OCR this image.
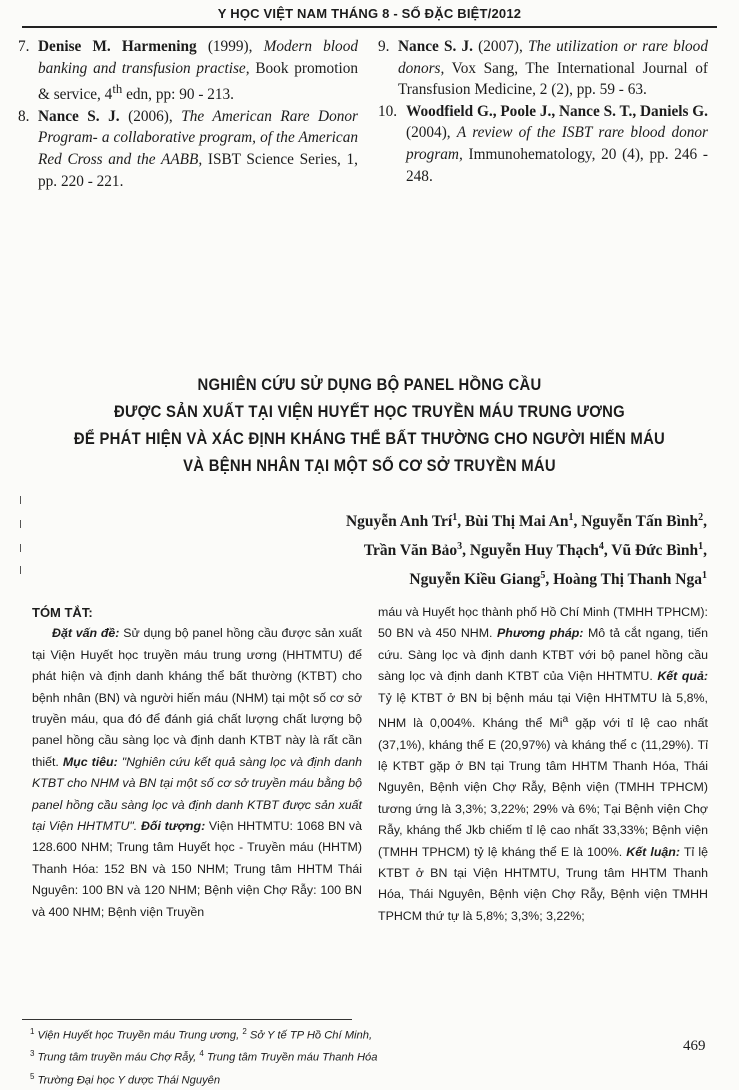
Y HỌC VIỆT NAM THÁNG 8 - SỐ ĐẶC BIỆT/2012
7. Denise M. Harmening (1999), Modern blood banking and transfusion practise, Book promotion & service, 4th edn, pp: 90 - 213.
8. Nance S. J. (2006), The American Rare Donor Program- a collaborative program, of the American Red Cross and the AABB, ISBT Science Series, 1, pp. 220 - 221.
9. Nance S. J. (2007), The utilization or rare blood donors, Vox Sang, The International Journal of Transfusion Medicine, 2 (2), pp. 59 - 63.
10. Woodfield G., Poole J., Nance S. T., Daniels G. (2004), A review of the ISBT rare blood donor program, Immunohematology, 20 (4), pp. 246 - 248.
NGHIÊN CỨU SỬ DỤNG BỘ PANEL HỒNG CẦU
ĐƯỢC SẢN XUẤT TẠI VIỆN HUYẾT HỌC TRUYỀN MÁU TRUNG ƯƠNG
ĐỂ PHÁT HIỆN VÀ XÁC ĐỊNH KHÁNG THỂ BẤT THƯỜNG CHO NGƯỜI HIẾN MÁU
VÀ BỆNH NHÂN TẠI MỘT SỐ CƠ SỞ TRUYỀN MÁU
Nguyễn Anh Trí$^1$, Bùi Thị Mai An$^1$, Nguyễn Tấn Bình$^2$,
Trần Văn Bảo$^3$, Nguyễn Huy Thạch$^4$, Vũ Đức Bình$^1$,
Nguyễn Kiều Giang$^5$, Hoàng Thị Thanh Nga$^1$
TÓM TẮT:
Đặt vấn đề: Sử dụng bộ panel hồng cầu được sản xuất tại Viện Huyết học truyền máu trung ương (HHTMTU) để phát hiện và định danh kháng thể bất thường (KTBT) cho bệnh nhân (BN) và người hiến máu (NHM) tại một số cơ sở truyền máu, qua đó để đánh giá chất lượng chất lượng bộ panel hồng cầu sàng lọc và định danh KTBT này là rất cần thiết. Mục tiêu: "Nghiên cứu kết quả sàng lọc và định danh KTBT cho NHM và BN tại một số cơ sở truyền máu bằng bộ panel hồng cầu sàng lọc và định danh KTBT được sản xuất tại Viện HHTMTU". Đối tượng: Viện HHTMTU: 1068 BN và 128.600 NHM; Trung tâm Huyết học - Truyền máu (HHTM) Thanh Hóa: 152 BN và 150 NHM; Trung tâm HHTM Thái Nguyên: 100 BN và 120 NHM; Bệnh viện Chợ Rẫy: 100 BN và 400 NHM; Bệnh viện Truyền
máu và Huyết học thành phố Hồ Chí Minh (TMHH TPHCM): 50 BN và 450 NHM. Phương pháp: Mô tả cắt ngang, tiến cứu. Sàng lọc và định danh KTBT với bộ panel hồng cầu sàng lọc và định danh KTBT của Viện HHTMTU. Kết quả: Tỷ lệ KTBT ở BN bị bệnh máu tại Viện HHTMTU là 5,8%, NHM là 0,004%. Kháng thể Mi$^a$ gặp với tỉ lệ cao nhất (37,1%), kháng thể E (20,97%) và kháng thể c (11,29%). Tỉ lệ KTBT gặp ở BN tại Trung tâm HHTM Thanh Hóa, Thái Nguyên, Bệnh viện Chợ Rẫy, Bệnh viện (TMHH TPHCM) tương ứng là 3,3%; 3,22%; 29% và 6%; Tại Bệnh viện Chợ Rẫy, kháng thể Jkb chiếm tỉ lệ cao nhất 33,33%; Bệnh viện (TMHH TPHCM) tỷ lệ kháng thể E là 100%. Kết luận: Tỉ lệ KTBT ở BN tại Viện HHTMTU, Trung tâm HHTM Thanh Hóa, Thái Nguyên, Bệnh viện Chợ Rẫy, Bệnh viện TMHH TPHCM thứ tự là 5,8%; 3,3%; 3,22%;
$^1$ Viện Huyết học Truyền máu Trung ương, $^2$ Sở Y tế TP Hồ Chí Minh,
$^3$ Trung tâm truyền máu Chợ Rẫy, $^4$ Trung tâm Truyền máu Thanh Hóa
$^5$ Trường Đại học Y dược Thái Nguyên
469
